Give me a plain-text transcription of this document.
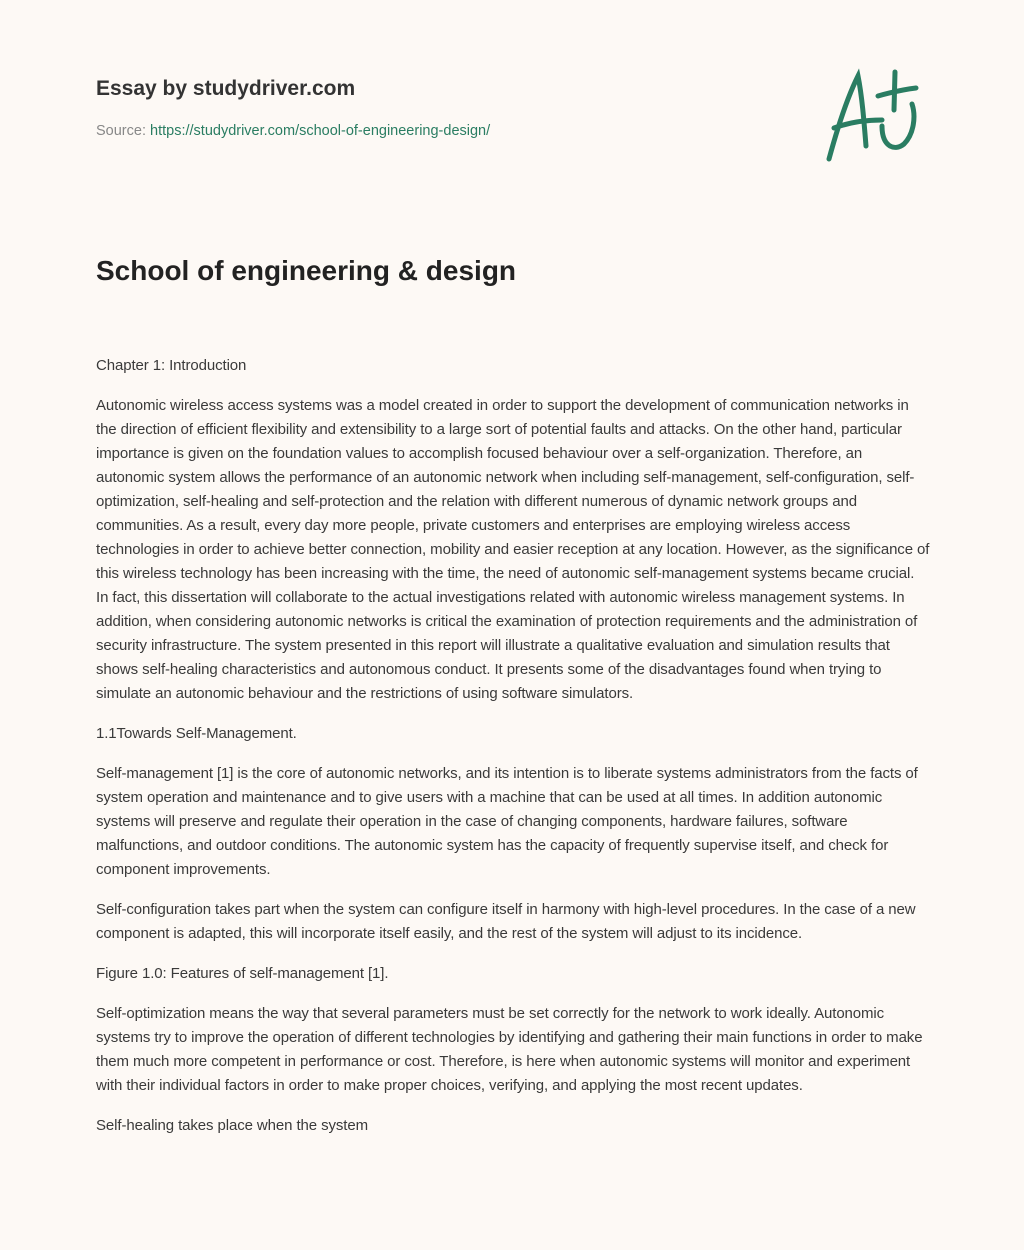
Essay by studydriver.com
Source: https://studydriver.com/school-of-engineering-design/
School of engineering & design

Chapter 1: Introduction

Autonomic wireless access systems was a model created in order to support the development of communication networks in the direction of efficient flexibility and extensibility to a large sort of potential faults and attacks. On the other hand, particular importance is given on the foundation values to accomplish focused behaviour over a self-organization. Therefore, an autonomic system allows the performance of an autonomic network when including self-management, self-configuration, self-optimization, self-healing and self-protection and the relation with different numerous of dynamic network groups and communities. As a result, every day more people, private customers and enterprises are employing wireless access technologies in order to achieve better connection, mobility and easier reception at any location. However, as the significance of this wireless technology has been increasing with the time, the need of autonomic self-management systems became crucial. In fact, this dissertation will collaborate to the actual investigations related with autonomic wireless management systems. In addition, when considering autonomic networks is critical the examination of protection requirements and the administration of security infrastructure. The system presented in this report will illustrate a qualitative evaluation and simulation results that shows self-healing characteristics and autonomous conduct. It presents some of the disadvantages found when trying to simulate an autonomic behaviour and the restrictions of using software simulators.

1.1Towards Self-Management.

Self-management [1] is the core of autonomic networks, and its intention is to liberate systems administrators from the facts of system operation and maintenance and to give users with a machine that can be used at all times. In addition autonomic systems will preserve and regulate their operation in the case of changing components, hardware failures, software malfunctions, and outdoor conditions. The autonomic system has the capacity of frequently supervise itself, and check for component improvements.

Self-configuration takes part when the system can configure itself in harmony with high-level procedures. In the case of a new component is adapted, this will incorporate itself easily, and the rest of the system will adjust to its incidence.

Figure 1.0: Features of self-management [1].

Self-optimization means the way that several parameters must be set correctly for the network to work ideally. Autonomic systems try to improve the operation of different technologies by identifying and gathering their main functions in order to make them much more competent in performance or cost. Therefore, is here when autonomic systems will monitor and experiment with their individual factors in order to make proper choices, verifying, and applying the most recent updates.

Self-healing takes place when the system
